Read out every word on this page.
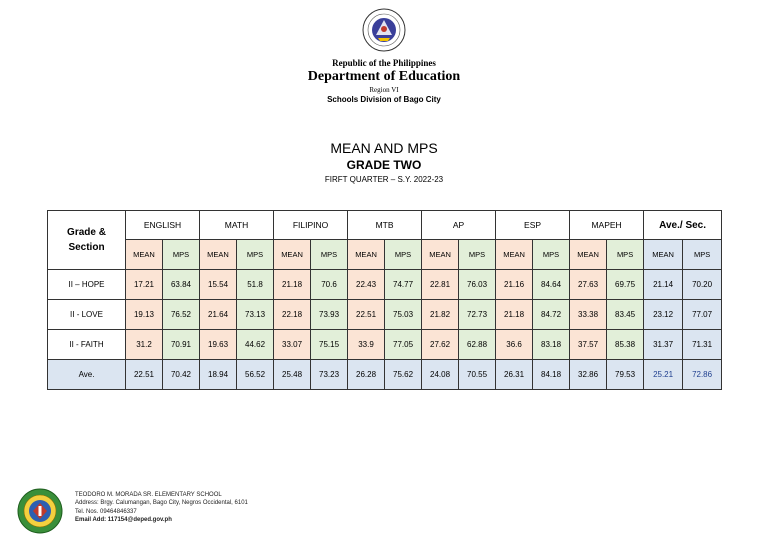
Republic of the Philippines
Department of Education
Region VI
Schools Division of Bago City
MEAN AND MPS
GRADE TWO
FIRFT QUARTER – S.Y. 2022-23
Grade &
Section	ENGLISH		MATH		FILIPINO		MTB		AP		ESP		MAPEH		Ave./ Sec.	
	MEAN	MPS	MEAN	MPS	MEAN	MPS	MEAN	MPS	MEAN	MPS	MEAN	MPS	MEAN	MPS	MEAN	MPS
II – HOPE	17.21	63.84	15.54	51.8	21.18	70.6	22.43	74.77	22.81	76.03	21.16	84.64	27.63	69.75	21.14	70.20
II - LOVE	19.13	76.52	21.64	73.13	22.18	73.93	22.51	75.03	21.82	72.73	21.18	84.72	33.38	83.45	23.12	77.07
II - FAITH	31.2	70.91	19.63	44.62	33.07	75.15	33.9	77.05	27.62	62.88	36.6	83.18	37.57	85.38	31.37	71.31
Ave.	22.51	70.42	18.94	56.52	25.48	73.23	26.28	75.62	24.08	70.55	26.31	84.18	32.86	79.53	25.21	72.86
TEODORO M. MORADA SR. ELEMENTARY SCHOOL
Address: Brgy. Calumangan, Bago City, Negros Occidental, 6101
Tel. Nos. 09464846337
Email Add: 117154@deped.gov.ph
